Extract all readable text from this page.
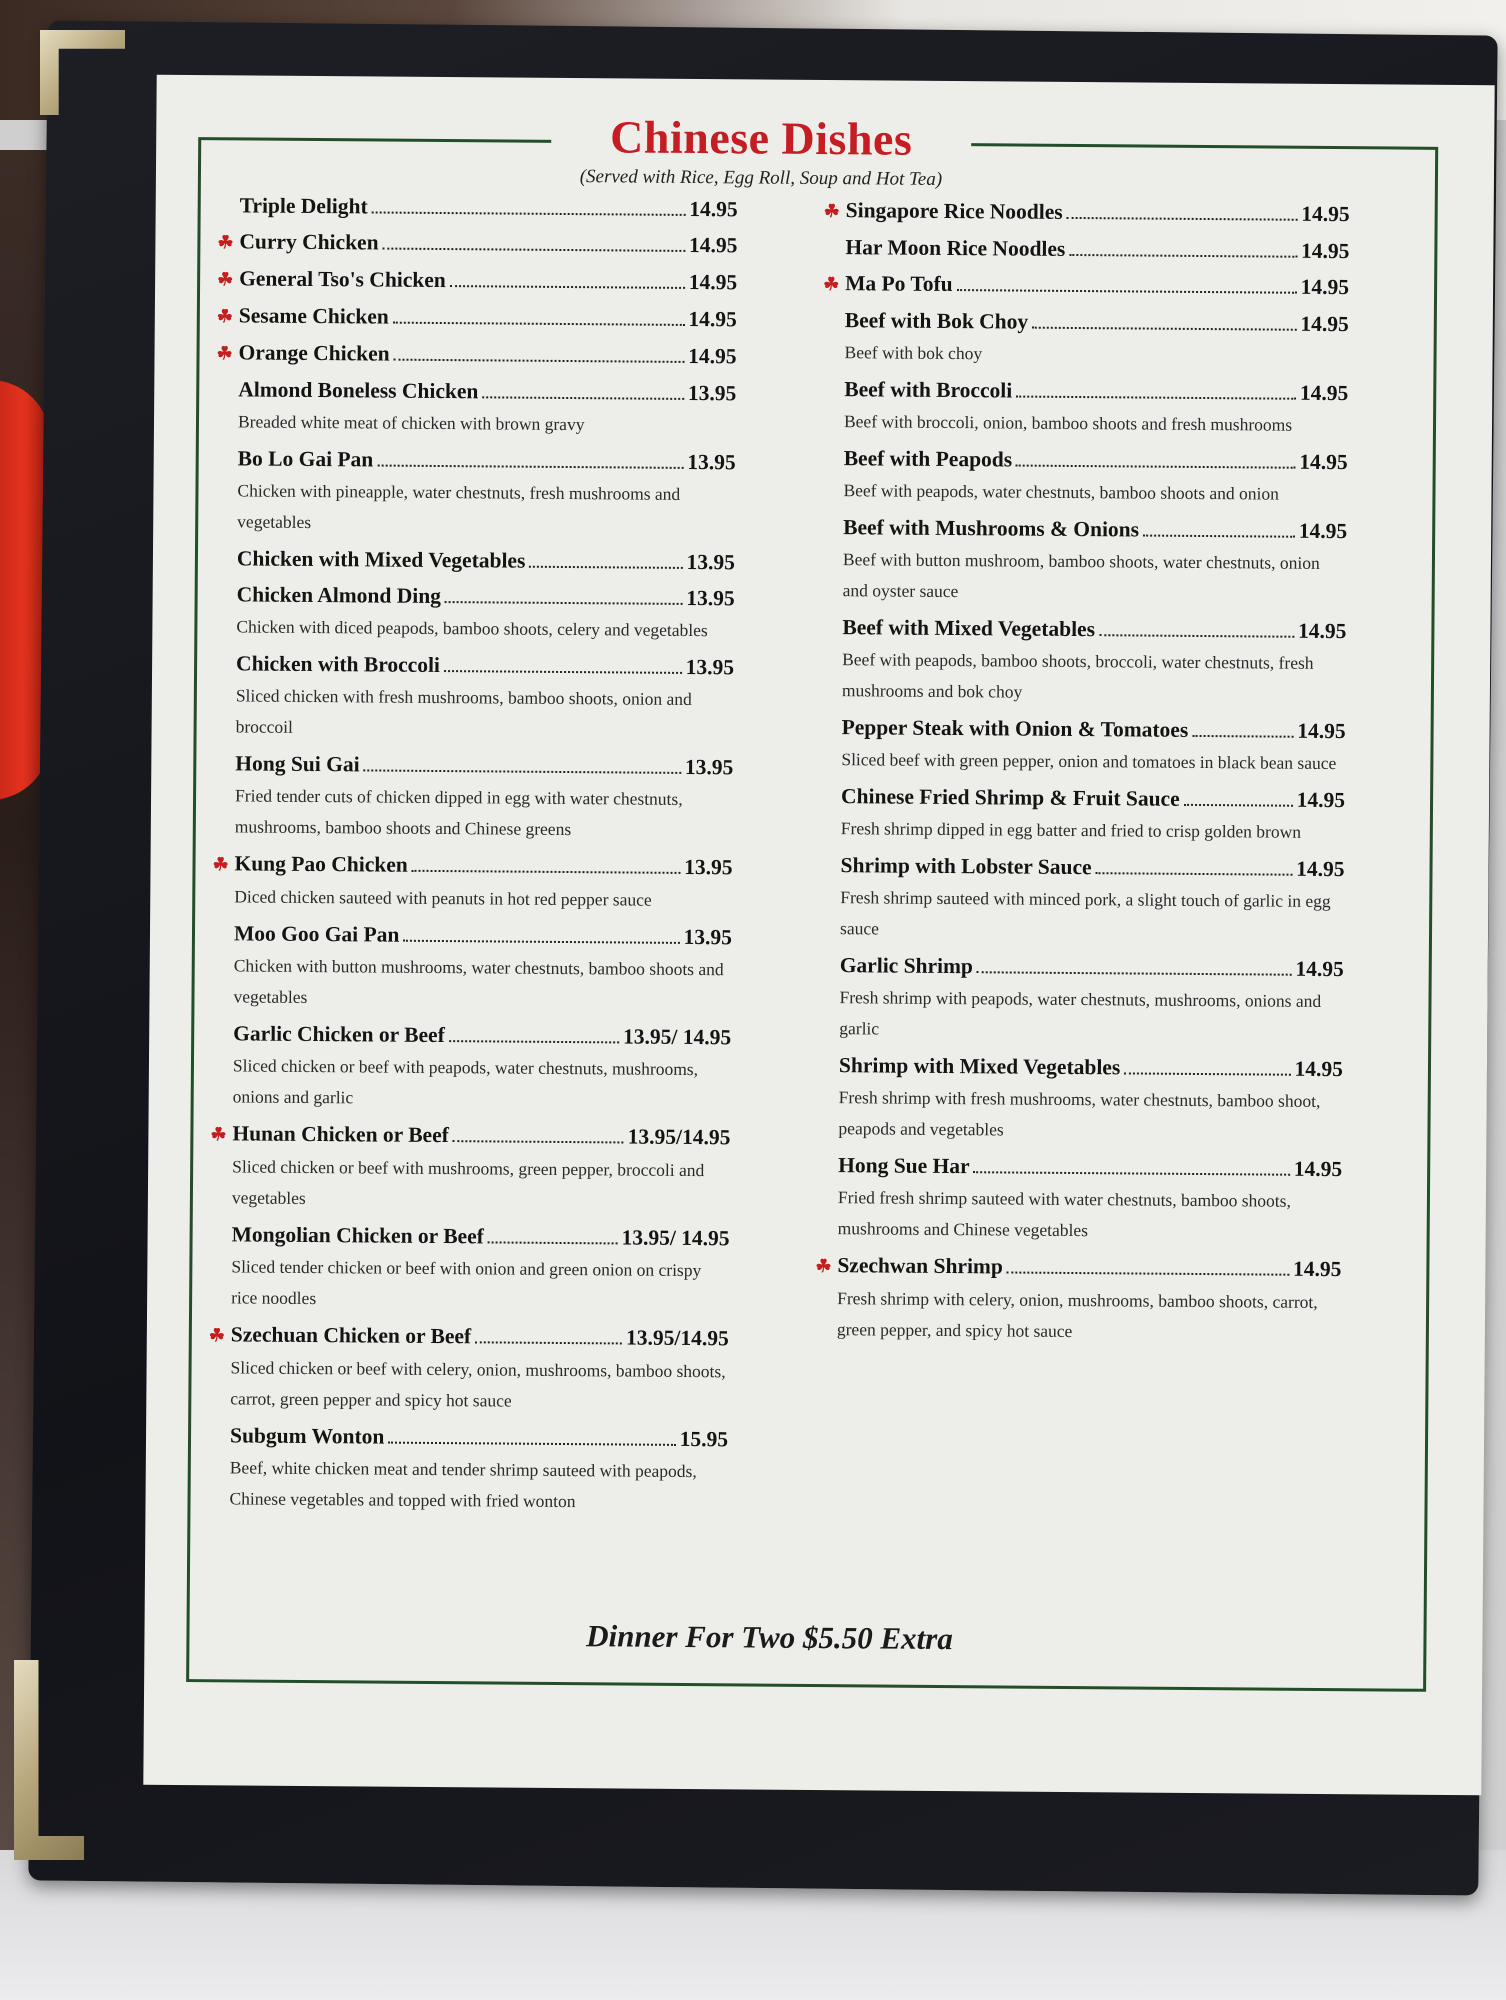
Chinese Dishes
(Served with Rice, Egg Roll, Soup and Hot Tea)
Triple Delight	14.95
☘ Curry Chicken	14.95
☘ General Tso's Chicken	14.95
☘ Sesame Chicken	14.95
☘ Orange Chicken	14.95
Almond Boneless Chicken	13.95
Breaded white meat of chicken with brown gravy
Bo Lo Gai Pan	13.95
Chicken with pineapple, water chestnuts, fresh mushrooms and vegetables
Chicken with Mixed Vegetables	13.95
Chicken Almond Ding	13.95
Chicken with diced peapods, bamboo shoots, celery and vegetables
Chicken with Broccoli	13.95
Sliced chicken with fresh mushrooms, bamboo shoots, onion and broccoil
Hong Sui Gai	13.95
Fried tender cuts of chicken dipped in egg with water chestnuts, mushrooms, bamboo shoots and Chinese greens
☘ Kung Pao Chicken	13.95
Diced chicken sauteed with peanuts in hot red pepper sauce
Moo Goo Gai Pan	13.95
Chicken with button mushrooms, water chestnuts, bamboo shoots and vegetables
Garlic Chicken or Beef	13.95/ 14.95
Sliced chicken or beef with peapods, water chestnuts, mushrooms, onions and garlic
☘ Hunan Chicken or Beef	13.95/14.95
Sliced chicken or beef with mushrooms, green pepper, broccoli and vegetables
Mongolian Chicken or Beef	13.95/ 14.95
Sliced tender chicken or beef with onion and green onion on crispy rice noodles
☘ Szechuan Chicken or Beef	13.95/14.95
Sliced chicken or beef with celery, onion, mushrooms, bamboo shoots, carrot, green pepper and spicy hot sauce
Subgum Wonton	15.95
Beef, white chicken meat and tender shrimp sauteed with peapods, Chinese vegetables and topped with fried wonton
☘ Singapore Rice Noodles	14.95
Har Moon Rice Noodles	14.95
☘ Ma Po Tofu	14.95
Beef with Bok Choy	14.95
Beef with bok choy
Beef with Broccoli	14.95
Beef with broccoli, onion, bamboo shoots and fresh mushrooms
Beef with Peapods	14.95
Beef with peapods, water chestnuts, bamboo shoots and onion
Beef with Mushrooms & Onions	14.95
Beef with button mushroom, bamboo shoots, water chestnuts, onion and oyster sauce
Beef with Mixed Vegetables	14.95
Beef with peapods, bamboo shoots, broccoli, water chestnuts, fresh mushrooms and bok choy
Pepper Steak with Onion & Tomatoes	14.95
Sliced beef with green pepper, onion and tomatoes in black bean sauce
Chinese Fried Shrimp & Fruit Sauce	14.95
Fresh shrimp dipped in egg batter and fried to crisp golden brown
Shrimp with Lobster Sauce	14.95
Fresh shrimp sauteed with minced pork, a slight touch of garlic in egg sauce
Garlic Shrimp	14.95
Fresh shrimp with peapods, water chestnuts, mushrooms, onions and garlic
Shrimp with Mixed Vegetables	14.95
Fresh shrimp with fresh mushrooms, water chestnuts, bamboo shoot, peapods and vegetables
Hong Sue Har	14.95
Fried fresh shrimp sauteed with water chestnuts, bamboo shoots, mushrooms and Chinese vegetables
☘ Szechwan Shrimp	14.95
Fresh shrimp with celery, onion, mushrooms, bamboo shoots, carrot, green pepper, and spicy hot sauce
Dinner For Two $5.50 Extra
